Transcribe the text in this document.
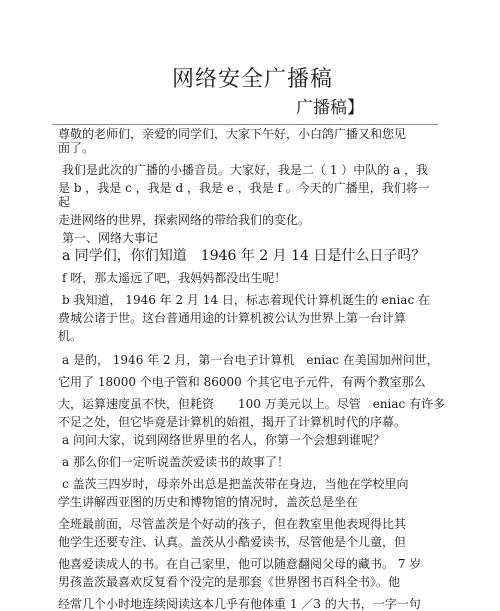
网络安全广播稿
广播稿】
尊敬的老师们，亲爱的同学们，大家下午好，小白鸽广播又和您见
面了。
我们是此次的广播的小播音员。大家好，我是二（ 1 ）中队的 a ，我
是 b ，我是 c ，我是 d ，我是 e ，我是 f 。今天的广播里，我们将一
起
走进网络的世界，探索网络的带给我们的变化。
第一、网络大事记
a 同学们，你们知道　1946 年 2 月 14 日是什么日子吗？
f 呀，那太遥远了吧，我妈妈都没出生呢！
b 我知道， 1946 年 2 月 14 日，标志着现代计算机诞生的 eniac 在
费城公诸于世。这台普通用途的计算机被公认为世界上第一台计算
机。
a 是的， 1946 年 2 月，第一台电子计算机　eniac 在美国加州问世，
它用了 18000 个电子管和 86000 个其它电子元件，有两个教室那么
大，运算速度虽不快，但耗资　　100 万美元以上。尽管　eniac 有许多
不足之处，但它毕竟是计算机的始祖，揭开了计算机时代的序幕。
a 问问大家，说到网络世界里的名人，你第一个会想到谁呢？
a 那么你们一定听说盖茨爱读书的故事了！
c 盖茨三四岁时，母亲外出总是把盖茨带在身边，当他在学校里向
学生讲解西亚图的历史和博物馆的情况时，盖茨总是坐在
全班最前面，尽管盖茨是个好动的孩子，但在教室里他表现得比其
他学生还要专注、认真。盖茨从小酷爱读书，尽管他是个儿童，但
他喜爱读成人的书。在自己家里，他可以随意翻阅父母的藏书。 7 岁
男孩盖茨最喜欢反复看个没完的是那套《世界图书百科全书》。他
经常几个小时地连续阅读这本几乎有他体重 1 ／3 的大书，一字一句
